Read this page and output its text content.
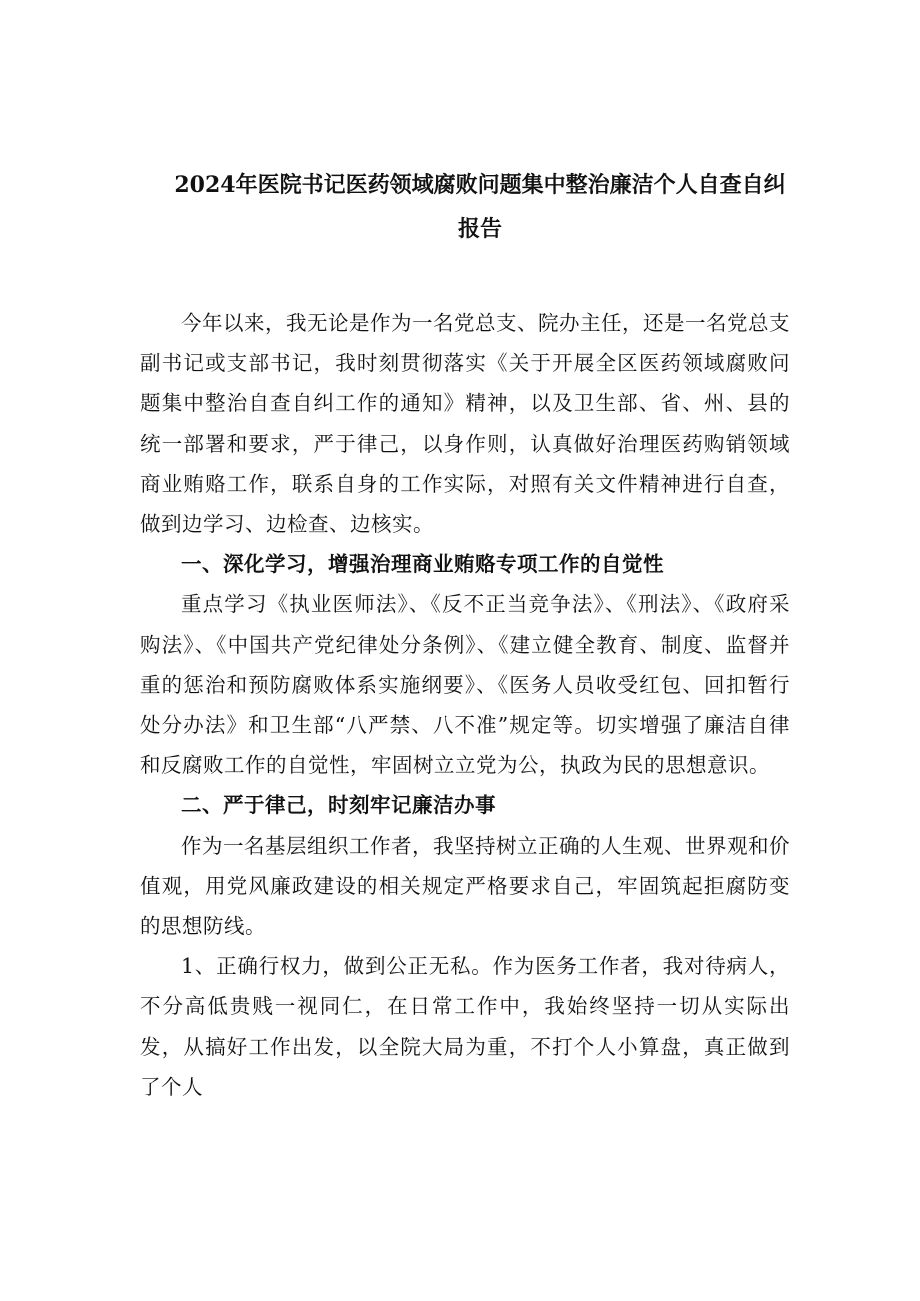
2024年医院书记医药领域腐败问题集中整治廉洁个人自查自纠
报告

今年以来，我无论是作为一名党总支、院办主任，还是一名党总支副书记或支部书记，我时刻贯彻落实《关于开展全区医药领域腐败问题集中整治自查自纠工作的通知》精神，以及卫生部、省、州、县的统一部署和要求，严于律己，以身作则，认真做好治理医药购销领域商业贿赂工作，联系自身的工作实际，对照有关文件精神进行自查，做到边学习、边检查、边核实。

一、深化学习，增强治理商业贿赂专项工作的自觉性

重点学习《执业医师法》、《反不正当竞争法》、《刑法》、《政府采购法》、《中国共产党纪律处分条例》、《建立健全教育、制度、监督并重的惩治和预防腐败体系实施纲要》、《医务人员收受红包、回扣暂行处分办法》和卫生部“八严禁、八不准”规定等。切实增强了廉洁自律和反腐败工作的自觉性，牢固树立立党为公，执政为民的思想意识。

二、严于律己，时刻牢记廉洁办事

作为一名基层组织工作者，我坚持树立正确的人生观、世界观和价值观，用党风廉政建设的相关规定严格要求自己，牢固筑起拒腐防变的思想防线。

1、正确行权力，做到公正无私。作为医务工作者，我对待病人，不分高低贵贱一视同仁，在日常工作中，我始终坚持一切从实际出发，从搞好工作出发，以全院大局为重，不打个人小算盘，真正做到了个人
